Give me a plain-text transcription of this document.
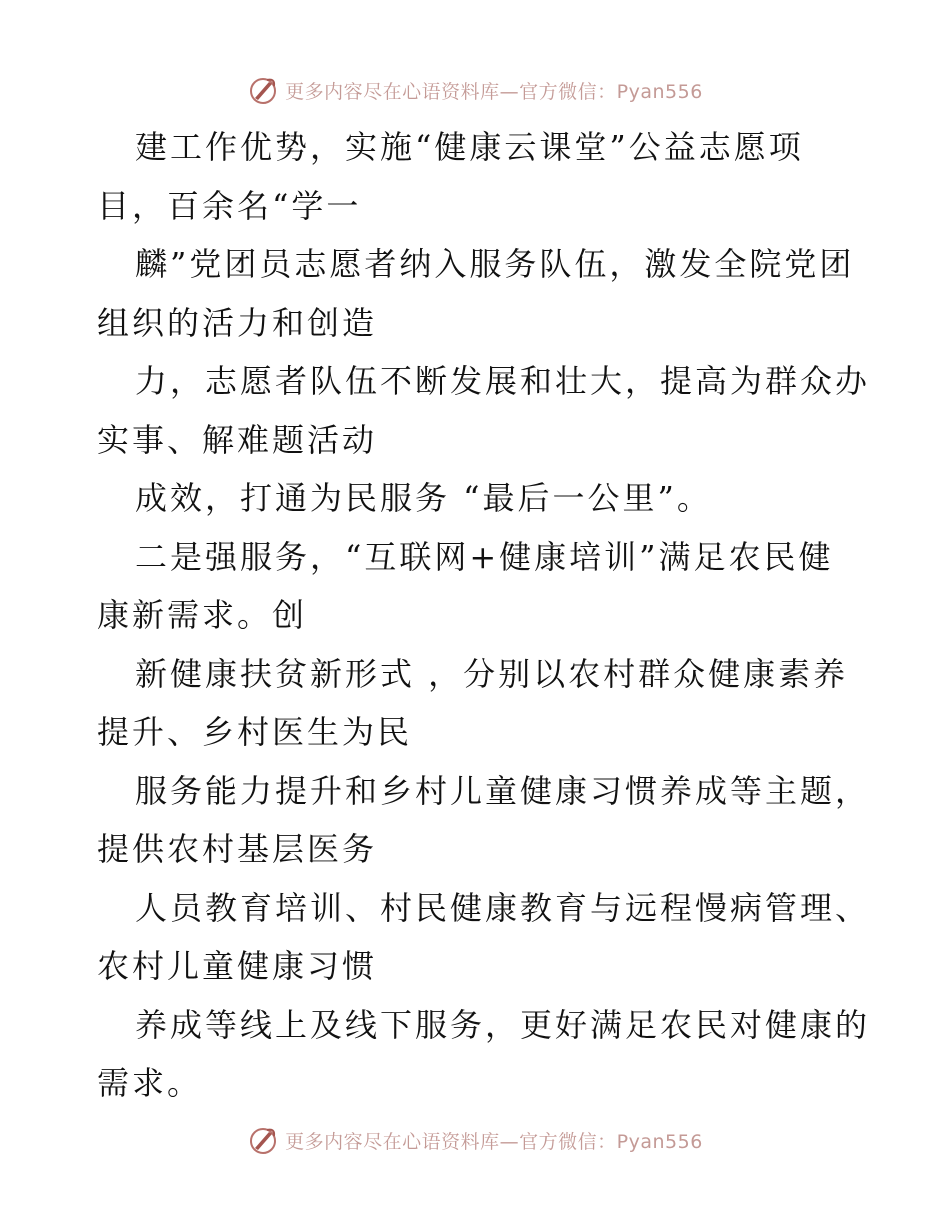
更多内容尽在心语资料库—官方微信：Pyan556
建工作优势，实施“健康云课堂”公益志愿项
目，百余名“学一
麟”党团员志愿者纳入服务队伍，激发全院党团
组织的活力和创造
力，志愿者队伍不断发展和壮大，提高为群众办
实事、解难题活动
成效，打通为民服务 “最后一公里”。
二是强服务，“互联网+健康培训”满足农民健
康新需求。创
新健康扶贫新形式 ，分别以农村群众健康素养
提升、乡村医生为民
服务能力提升和乡村儿童健康习惯养成等主题，
提供农村基层医务
人员教育培训、村民健康教育与远程慢病管理、
农村儿童健康习惯
养成等线上及线下服务，更好满足农民对健康的
需求。
更多内容尽在心语资料库—官方微信：Pyan556
